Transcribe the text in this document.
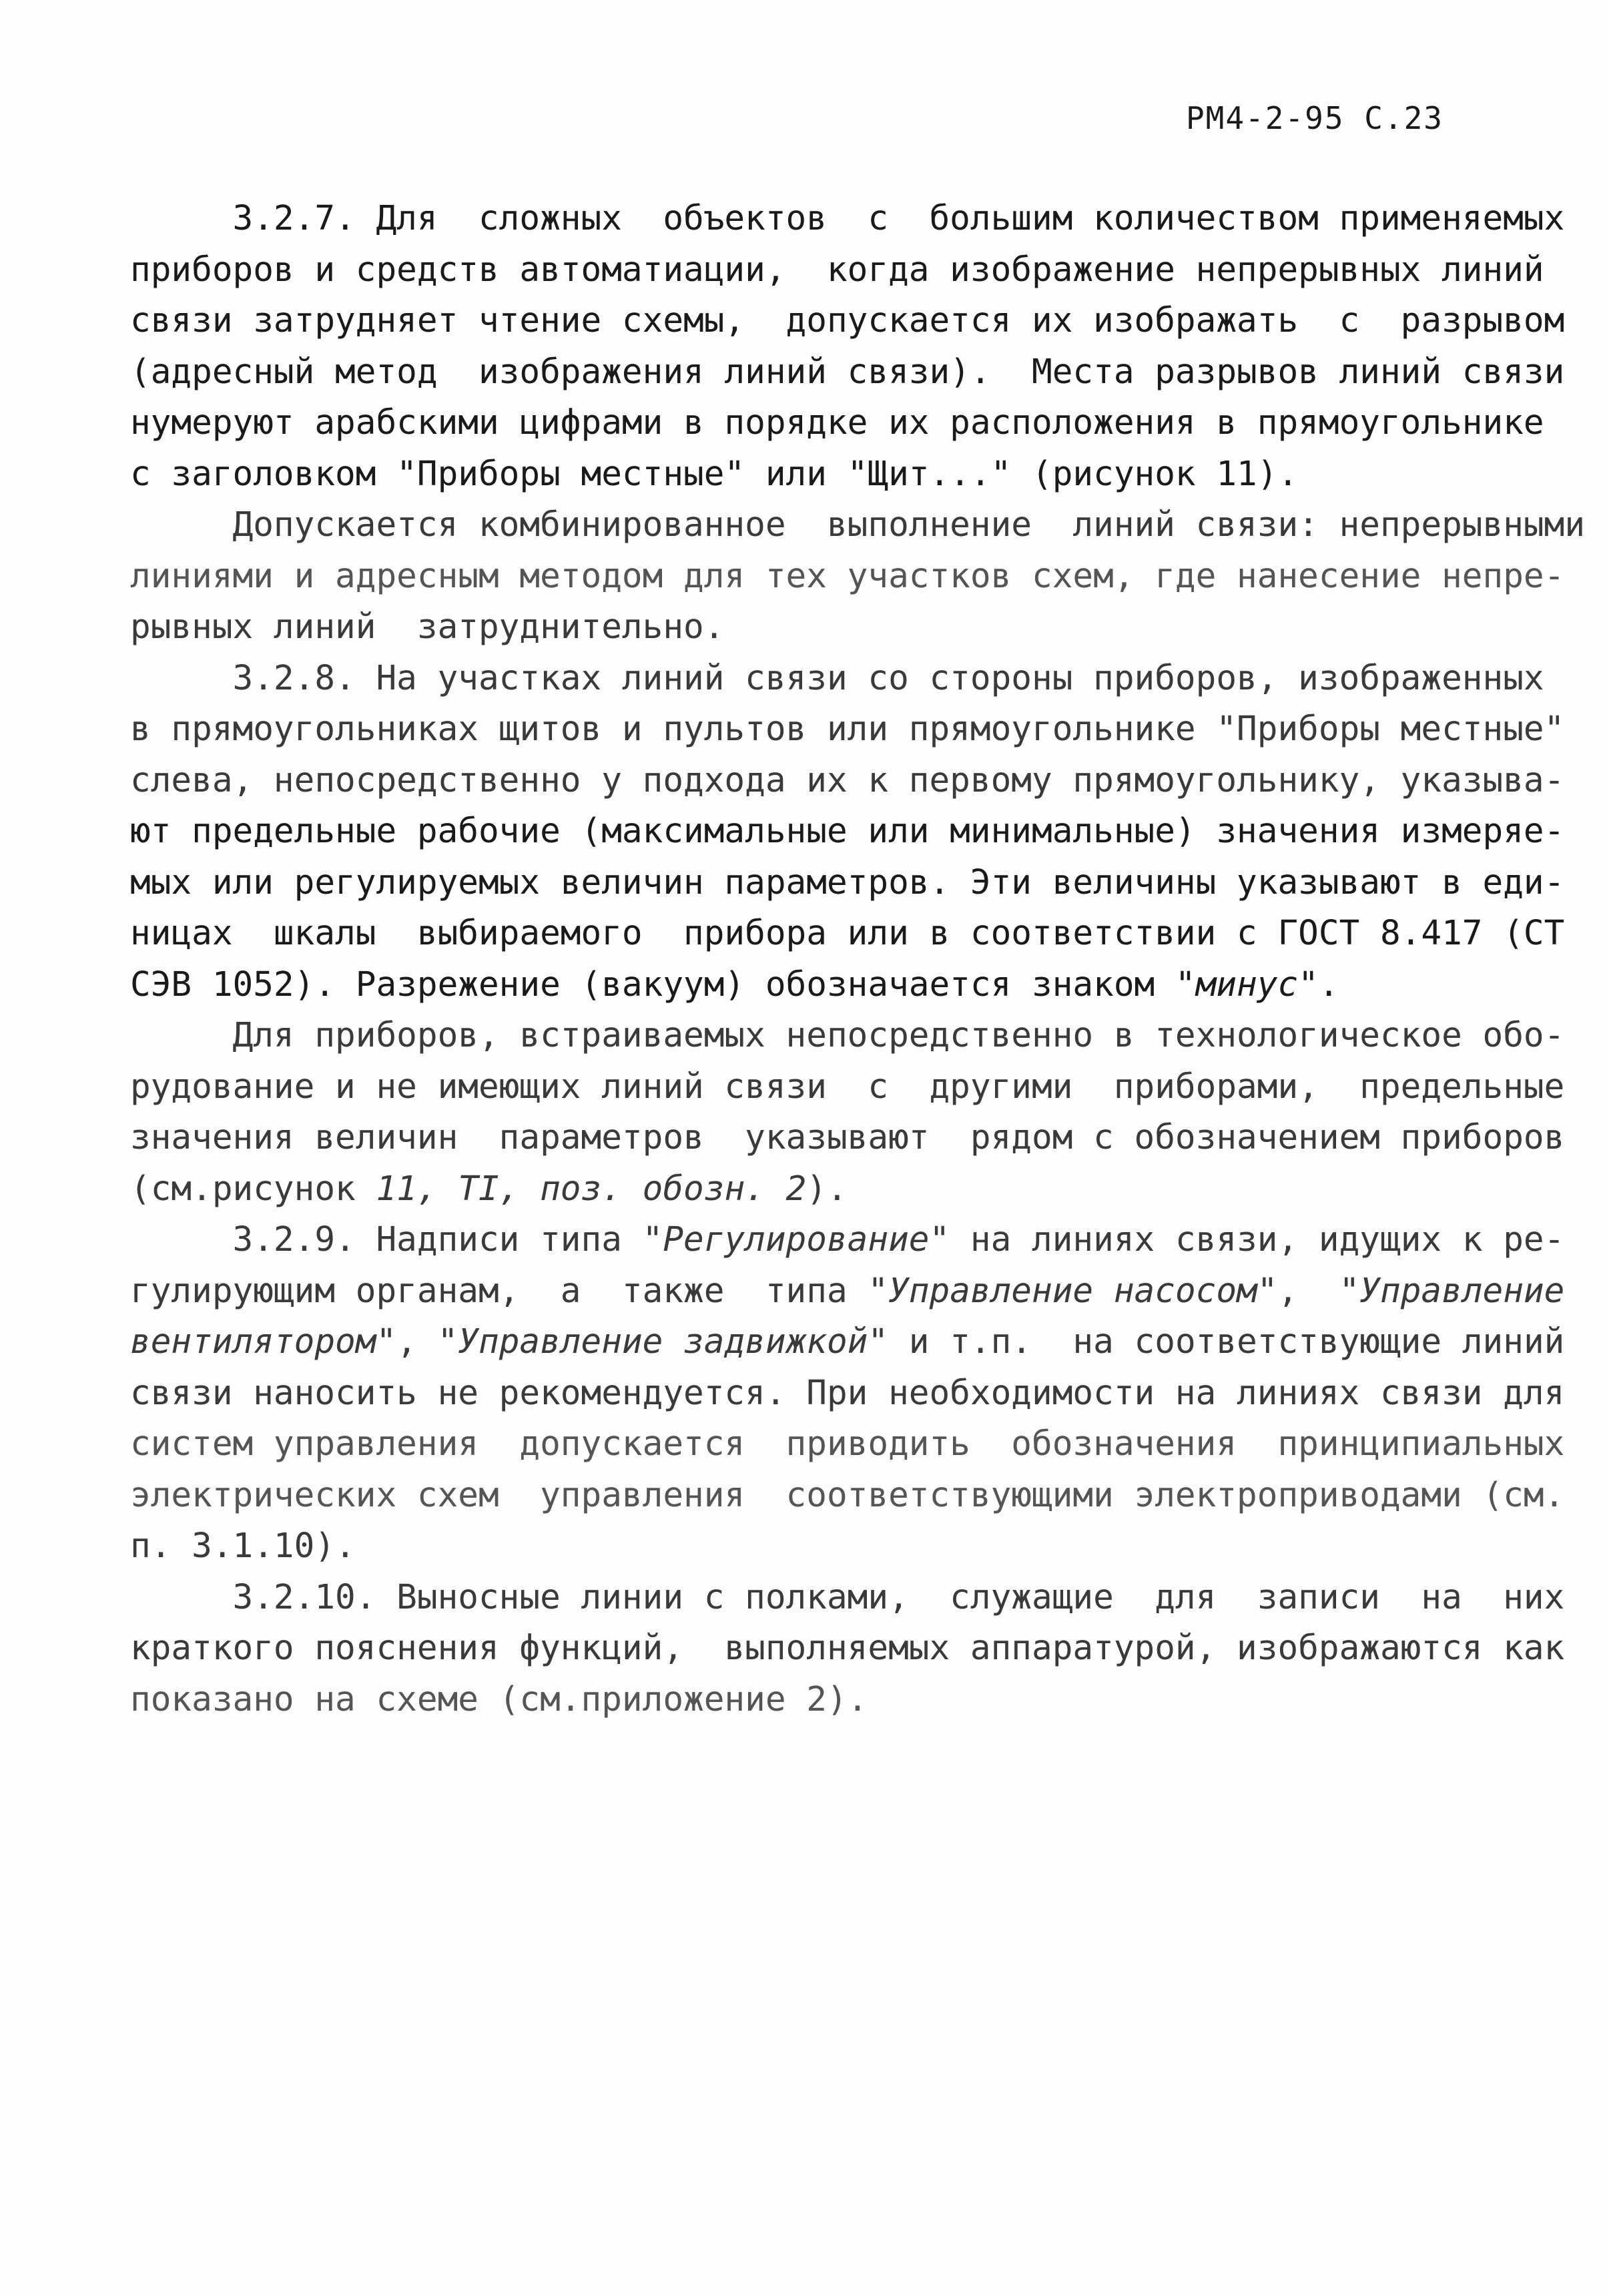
РМ4-2-95 С.23
3.2.7. Для  сложных  объектов  с  большим количеством применяемых
приборов и средств автоматиации,  когда изображение непрерывных линий
связи затрудняет чтение схемы,  допускается их изображать  с  разрывом
(адресный метод  изображения линий связи).  Места разрывов линий связи
нумеруют арабскими цифрами в порядке их расположения в прямоугольнике
с заголовком "Приборы местные" или "Щит..." (рисунок 11).
Допускается комбинированное  выполнение  линий связи: непрерывными
линиями и адресным методом для тех участков схем, где нанесение непре-
рывных линий  затруднительно.
3.2.8. На участках линий связи со стороны приборов, изображенных
в прямоугольниках щитов и пультов или прямоугольнике "Приборы местные"
слева, непосредственно у подхода их к первому прямоугольнику, указыва-
ют предельные рабочие (максимальные или минимальные) значения измеряе-
мых или регулируемых величин параметров. Эти величины указывают в еди-
ницах  шкалы  выбираемого  прибора или в соответствии с ГОСТ 8.417 (СТ
СЭВ 1052). Разрежение (вакуум) обозначается знаком "минус".
Для приборов, встраиваемых непосредственно в технологическое обо-
рудование и не имеющих линий связи  с  другими  приборами,  предельные
значения величин  параметров  указывают  рядом с обозначением приборов
(см.рисунок 11, TI, поз. обозн. 2).
3.2.9. Надписи типа "Регулирование" на линиях связи, идущих к ре-
гулирующим органам,  а  также  типа "Управление насосом",  "Управление
вентилятором", "Управление задвижкой" и т.п.  на соответствующие линий
связи наносить не рекомендуется. При необходимости на линиях связи для
систем управления  допускается  приводить  обозначения  принципиальных
электрических схем  управления  соответствующими электроприводами (см.
п. 3.1.10).
3.2.10. Выносные линии с полками,  служащие  для  записи  на  них
краткого пояснения функций,  выполняемых аппаратурой, изображаются как
показано на схеме (см.приложение 2).
